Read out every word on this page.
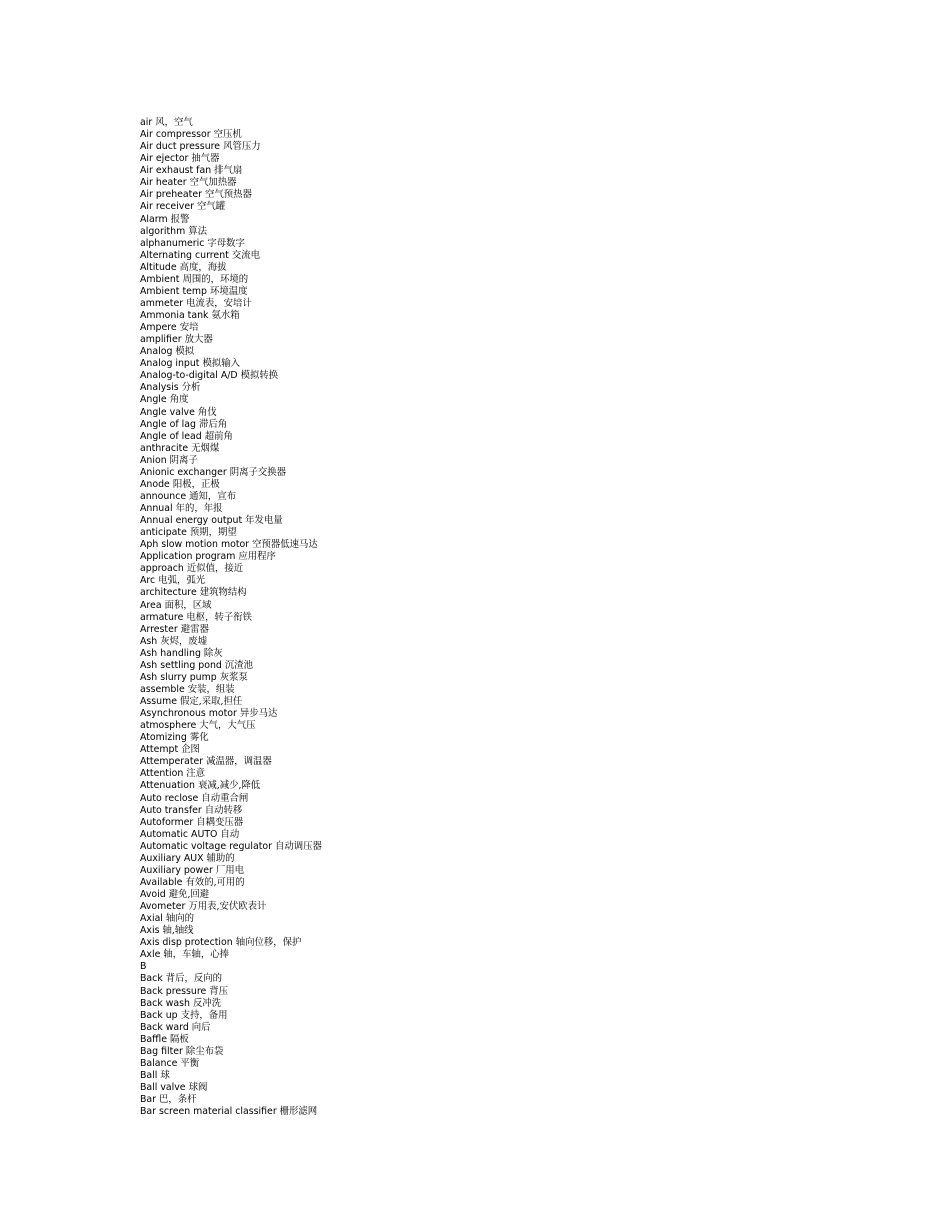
air 风，空气
Air compressor 空压机
Air duct pressure 风管压力
Air ejector 抽气器
Air exhaust fan 排气扇
Air heater 空气加热器
Air preheater 空气预热器
Air receiver 空气罐
Alarm 报警
algorithm 算法
alphanumeric 字母数字
Alternating current 交流电
Altitude 高度，海拔
Ambient 周围的，环境的
Ambient temp 环境温度
ammeter 电流表，安培计
Ammonia tank 氨水箱
Ampere 安培
amplifier 放大器
Analog 模拟
Analog input 模拟输入
Analog-to-digital A/D 模拟转换
Analysis 分析
Angle 角度
Angle valve 角伐
Angle of lag 滞后角
Angle of lead 超前角
anthracite 无烟煤
Anion 阴离子
Anionic exchanger 阴离子交换器
Anode 阳极，正极
announce 通知，宣布
Annual 年的，年报
Annual energy output 年发电量
anticipate 预期，期望
Aph slow motion motor 空预器低速马达
Application program 应用程序
approach 近似值，接近
Arc 电弧，弧光
architecture 建筑物结构
Area 面积，区域
armature 电枢，转子衔铁
Arrester 避雷器
Ash 灰烬，废墟
Ash handling 除灰
Ash settling pond 沉渣池
Ash slurry pump 灰浆泵
assemble 安装，组装
Assume 假定,采取,担任
Asynchronous motor 异步马达
atmosphere 大气，大气压
Atomizing 雾化
Attempt 企图
Attemperater 减温器，调温器
Attention 注意
Attenuation 衰减,减少,降低
Auto reclose 自动重合闸
Auto transfer 自动转移
Autoformer 自耦变压器
Automatic AUTO 自动
Automatic voltage regulator 自动调压器
Auxiliary AUX 辅助的
Auxiliary power 厂用电
Available 有效的,可用的
Avoid 避免,回避
Avometer 万用表,安伏欧表计
Axial 轴向的
Axis 轴,轴线
Axis disp protection 轴向位移，保护
Axle 轴，车轴，心捧
B
Back 背后，反向的
Back pressure 背压
Back wash 反冲洗
Back up 支持，备用
Back ward 向后
Baffle 隔板
Bag filter 除尘布袋
Balance 平衡
Ball 球
Ball valve 球阀
Bar 巴，条杆
Bar screen material classifier 栅形滤网
